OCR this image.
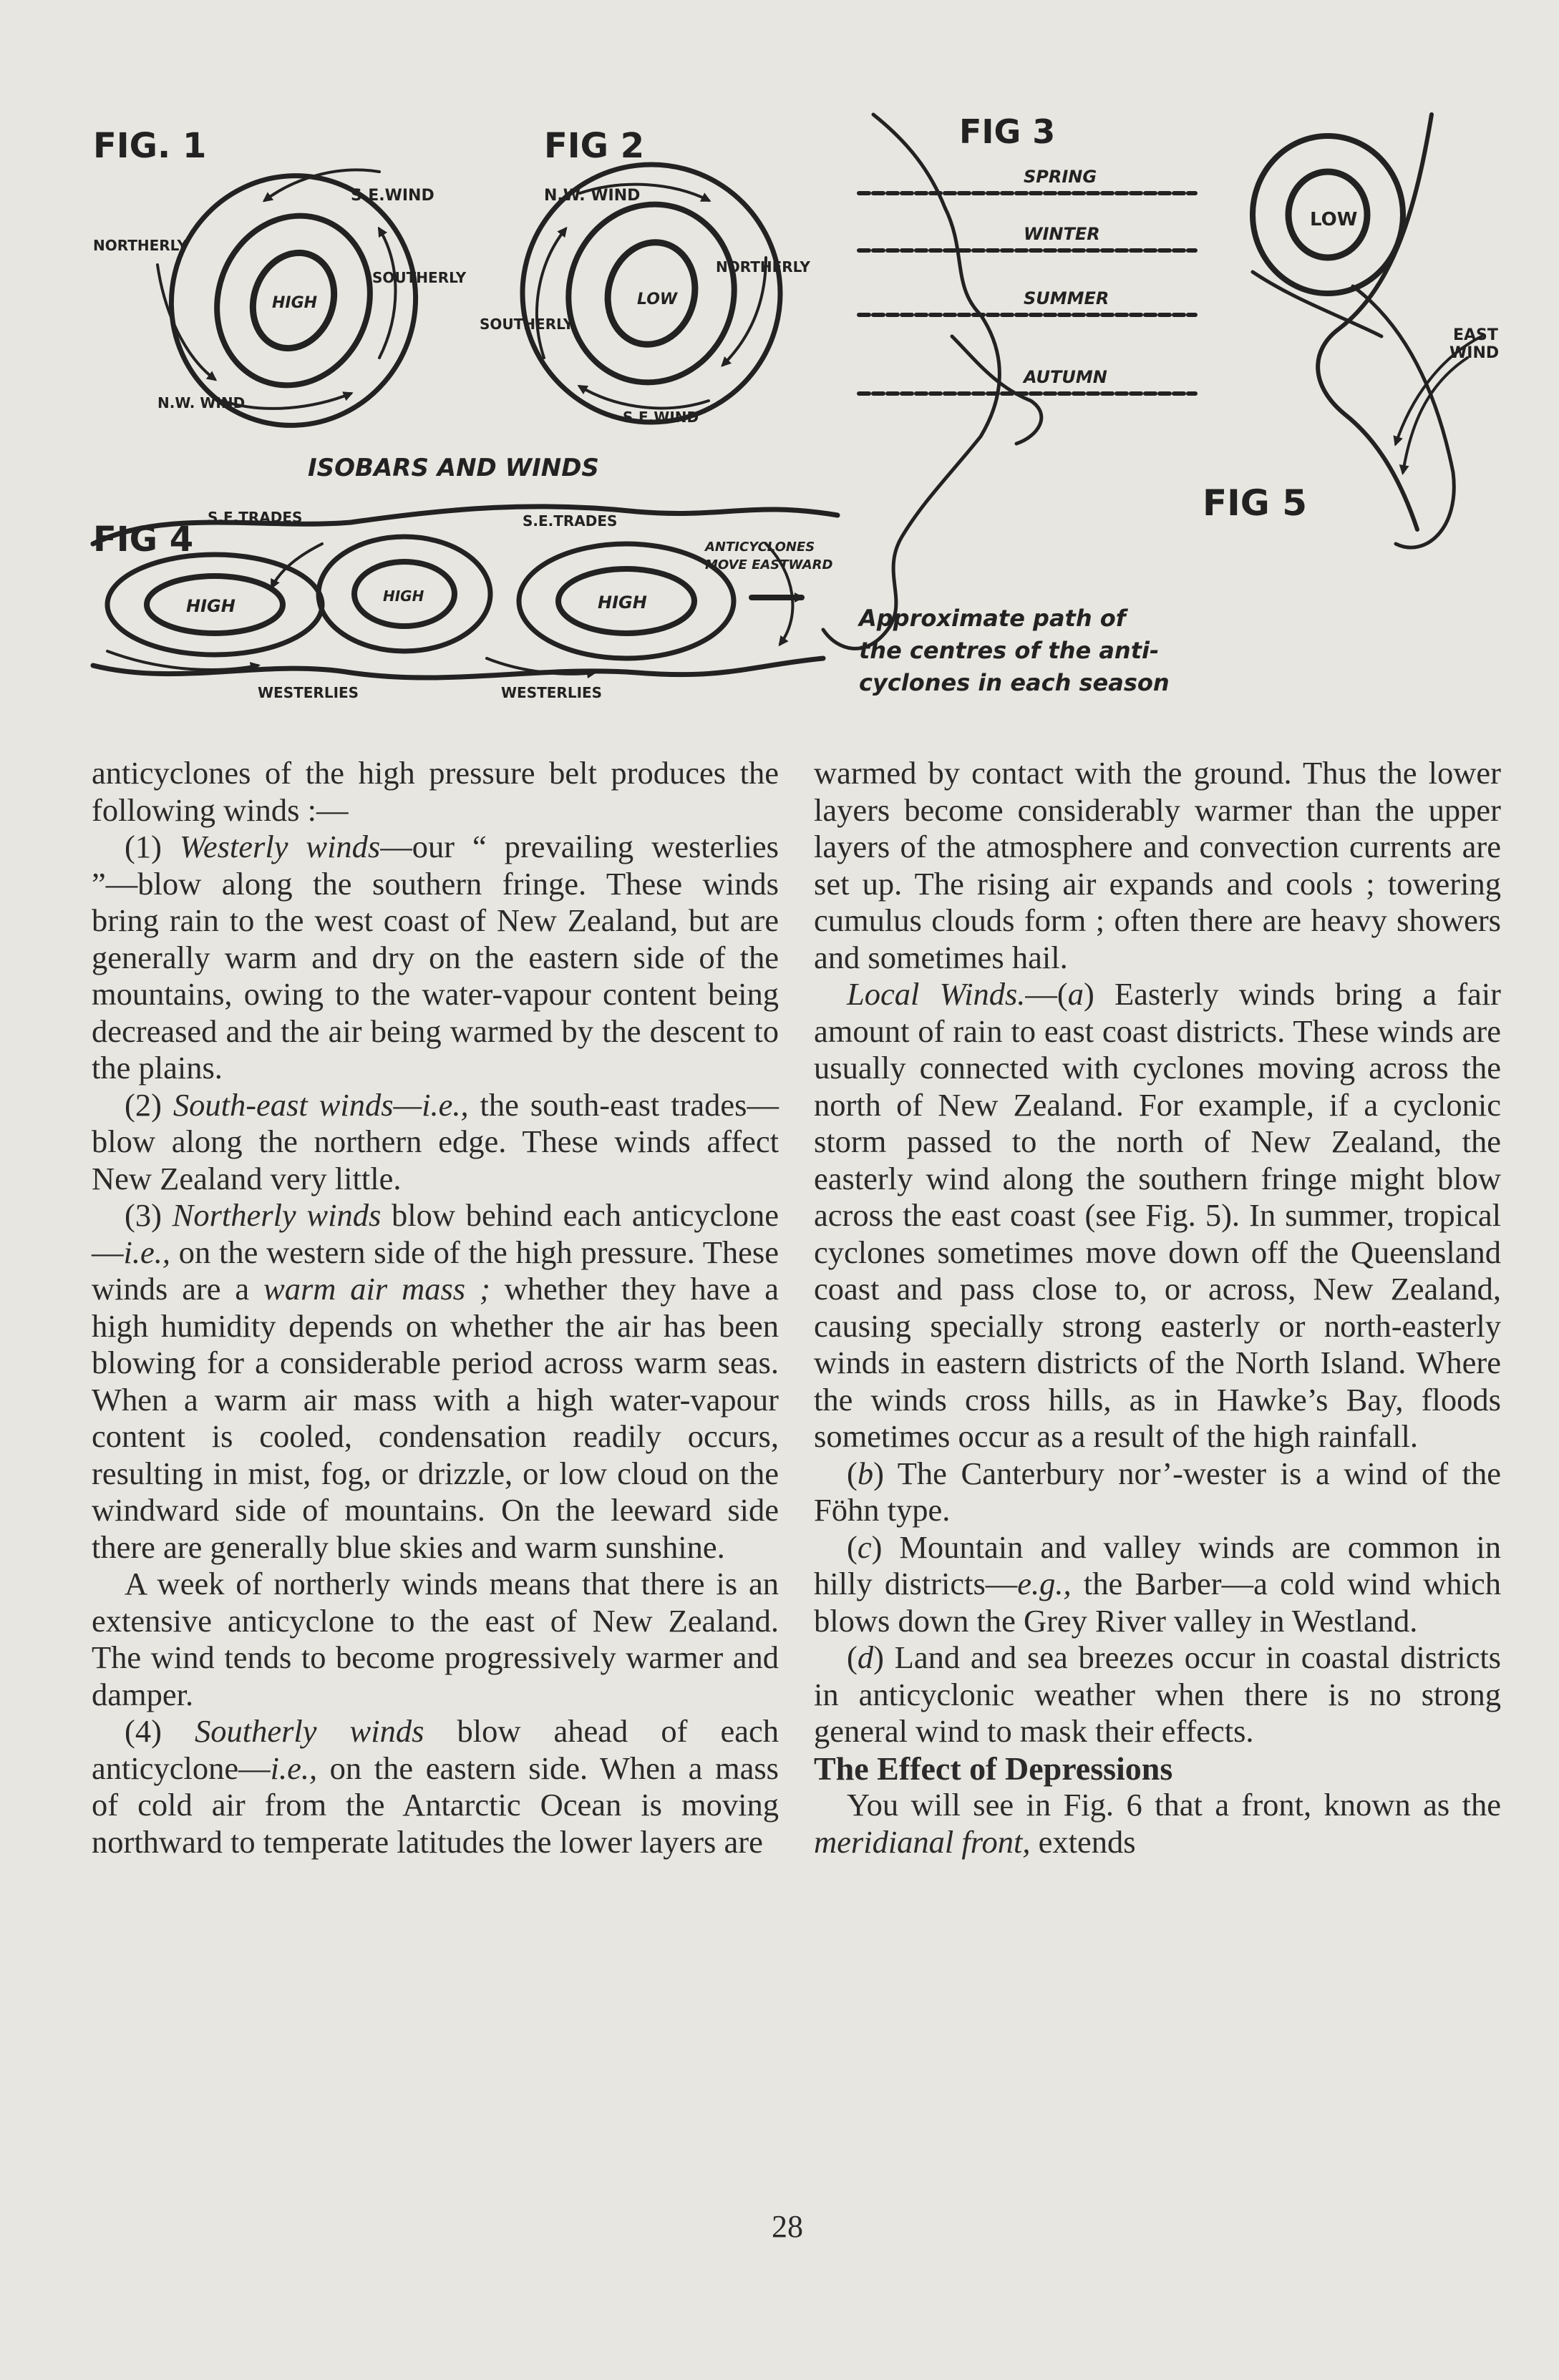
FIG. 1
S.E.WIND
NORTHERLY
HIGH
SOUTHERLY
N.W. WIND
FIG 2
N.W. WIND
NORTHERLY
LOW
SOUTHERLY
S.E.WIND
ISOBARS AND WINDS
FIG 3
SPRING
WINTER
SUMMER
AUTUMN
Approximate path of
the centres of the anti-
cyclones in each season
FIG 4
S.E.TRADES	S.E.TRADES
HIGH	HIGH	HIGH
WESTERLIES	WESTERLIES
ANTICYCLONES
MOVE EASTWARD
LOW
EAST
WIND
FIG 5

anticyclones of the high pressure belt produces the following winds :—

(1) Westerly winds—our “ prevailing westerlies ”—blow along the southern fringe. These winds bring rain to the west coast of New Zealand, but are generally warm and dry on the eastern side of the mountains, owing to the water-vapour content being decreased and the air being warmed by the descent to the plains.

(2) South-east winds—i.e., the south-east trades—blow along the northern edge. These winds affect New Zealand very little.

(3) Northerly winds blow behind each anticyclone—i.e., on the western side of the high pressure. These winds are a warm air mass ; whether they have a high humidity depends on whether the air has been blowing for a considerable period across warm seas. When a warm air mass with a high water-vapour content is cooled, condensation readily occurs, resulting in mist, fog, or drizzle, or low cloud on the windward side of mountains. On the leeward side there are generally blue skies and warm sunshine.

A week of northerly winds means that there is an extensive anticyclone to the east of New Zealand. The wind tends to become progressively warmer and damper.

(4) Southerly winds blow ahead of each anticyclone—i.e., on the eastern side. When a mass of cold air from the Antarctic Ocean is moving northward to temperate latitudes the lower layers are

warmed by contact with the ground. Thus the lower layers become considerably warmer than the upper layers of the atmosphere and convection currents are set up. The rising air expands and cools ; towering cumulus clouds form ; often there are heavy showers and sometimes hail.

Local Winds.—(a) Easterly winds bring a fair amount of rain to east coast districts. These winds are usually connected with cyclones moving across the north of New Zealand. For example, if a cyclonic storm passed to the north of New Zealand, the easterly wind along the southern fringe might blow across the east coast (see Fig. 5). In summer, tropical cyclones sometimes move down off the Queensland coast and pass close to, or across, New Zealand, causing specially strong easterly or north-easterly winds in eastern districts of the North Island. Where the winds cross hills, as in Hawke’s Bay, floods sometimes occur as a result of the high rainfall.

(b) The Canterbury nor’-wester is a wind of the Föhn type.

(c) Mountain and valley winds are common in hilly districts—e.g., the Barber—a cold wind which blows down the Grey River valley in Westland.

(d) Land and sea breezes occur in coastal districts in anticyclonic weather when there is no strong general wind to mask their effects.

The Effect of Depressions

You will see in Fig. 6 that a front, known as the meridianal front, extends

28
